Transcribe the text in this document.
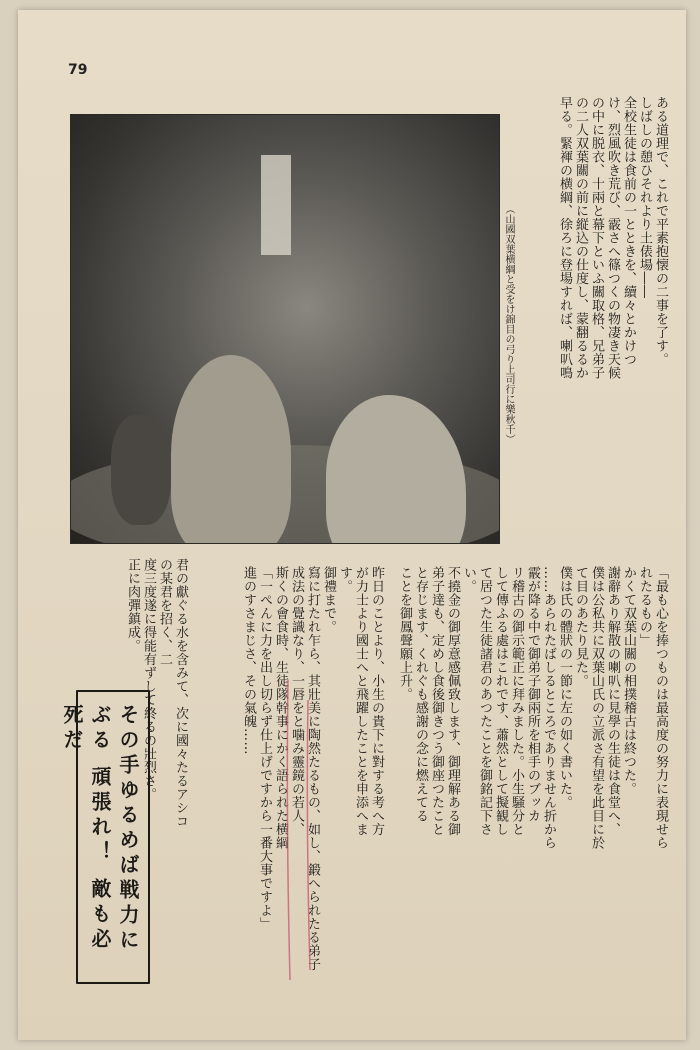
79
（山國双葉横綱と受をけ錦目の弓り上司行に樂秋千）	ある道理で、これで平素抱懐の二事を了す。
しばしの憩ひそれより土俵場――
全校生徒は食前の一とときを、續々とかけつ
け、烈風吹き荒び、霰さへ篠つくの物凄き天候
の中に脱衣、十兩と幕下といふ關取格、兄弟子
の二人双葉關の前に縦込の仕度し、蒙翻るるか
早る。緊褌の横綱、徐ろに登場すれば、喇叭鳴
「最も心を捧つものは最高度の努力に表現せら
れたるもの」
かくて双葉山關の相撲稽古は終つた。
謝辭あり解散の喇叭に見學の生徒は食堂へ、
僕は公私共に双葉山氏の立派さ有望を此目に於
て目のあたり見た。
僕は氏の體狀の一節に左の如く書いた。
……あられたばしるところでありません折から
霰が降る中で御弟子御兩所を相手のブッカ
リ稽古の御示範正に拜みました。小生騒分と
して傳ふる處はこれです、蕭然として擬観し
て居つた生徒諸君のあつたことを御銘記下さ
い。
不撓金の御厚意感佩致します、御理解ある御
弟子達も、定めし食後御きつう御座つたこと
と存じます、くれぐも感謝の念に燃えてる
ことを御鳳聲願上升。
昨日のことより、小生の貴下に對する考へ方
が力士より國士へと飛躍したことを申添へま
す。
御禮まで。
寫に打たれ乍ら、其壯美に陶然たるもの、如し、鍛へられたる弟子
成法の覺識なり、一唇をと噛み靈鏡の若人、
斯くの會食時、生徒隊幹事にかく語られた横綱
「一ぺんに力を出し切らず仕上げですから一番大事ですよ」
進のすさまじさ、その氣魄……
君の獻ぐる水を含みて、次に國々たるアシコの某君を招く、二
度三度遂に得能有ずして終るの壯烈さ。
正に肉彈鎮成。
その手ゆるめば戦力にぶる 頑張れ！ 敵も必死だ
